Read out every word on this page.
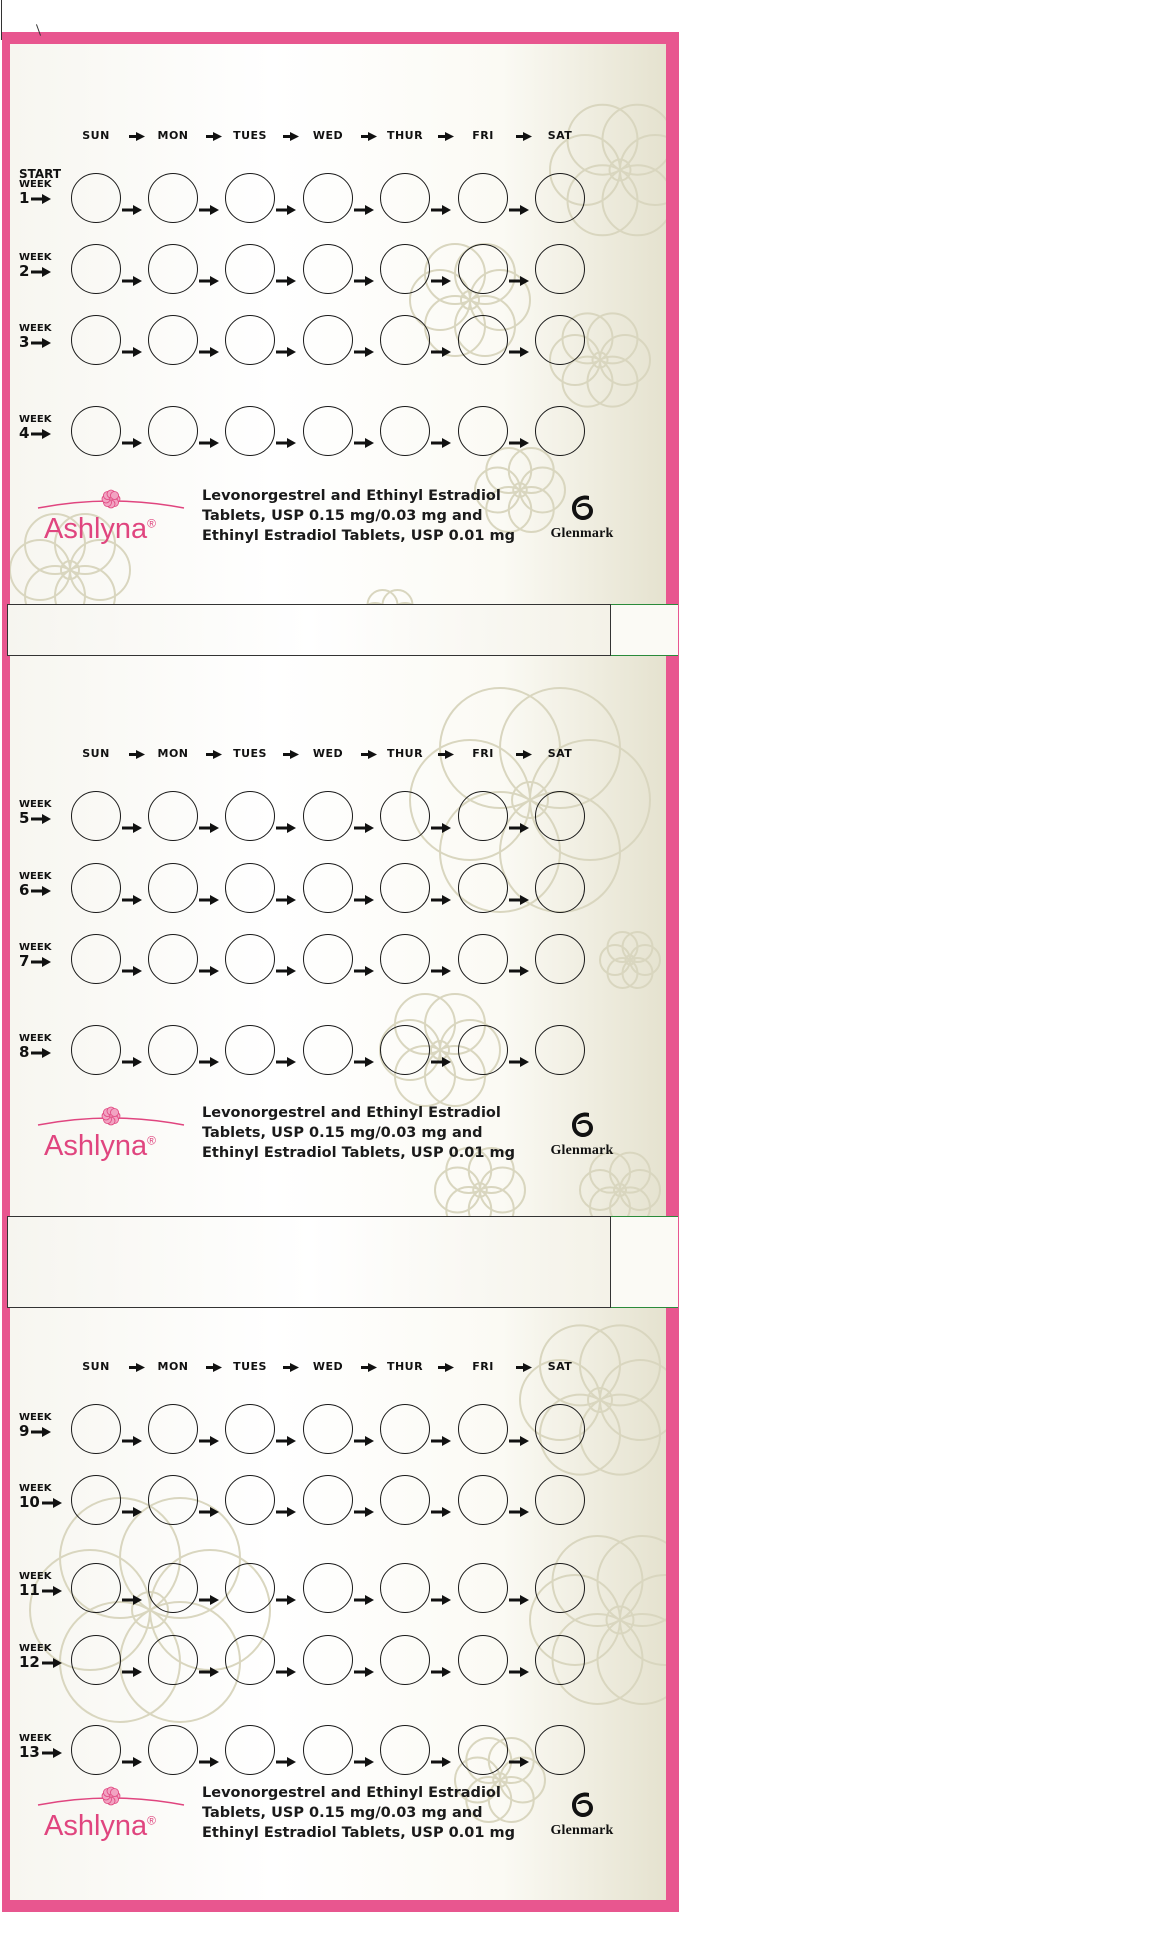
SUN	MON	TUES	WED	THUR	FRI	SAT
START
WEEK
1
WEEK
2
WEEK
3
WEEK
4
Ashlyna®
Levonorgestrel and Ethinyl Estradiol
Tablets, USP 0.15 mg/0.03 mg and
Ethinyl Estradiol Tablets, USP 0.01 mg	Glenmark
SUN	MON	TUES	WED	THUR	FRI	SAT
WEEK
5
WEEK
6
WEEK
7
WEEK
8
Ashlyna®
Levonorgestrel and Ethinyl Estradiol
Tablets, USP 0.15 mg/0.03 mg and
Ethinyl Estradiol Tablets, USP 0.01 mg	Glenmark
SUN	MON	TUES	WED	THUR	FRI	SAT
WEEK
9
WEEK
10
WEEK
11
WEEK
12
WEEK
13
Ashlyna®
Levonorgestrel and Ethinyl Estradiol
Tablets, USP 0.15 mg/0.03 mg and
Ethinyl Estradiol Tablets, USP 0.01 mg	Glenmark
